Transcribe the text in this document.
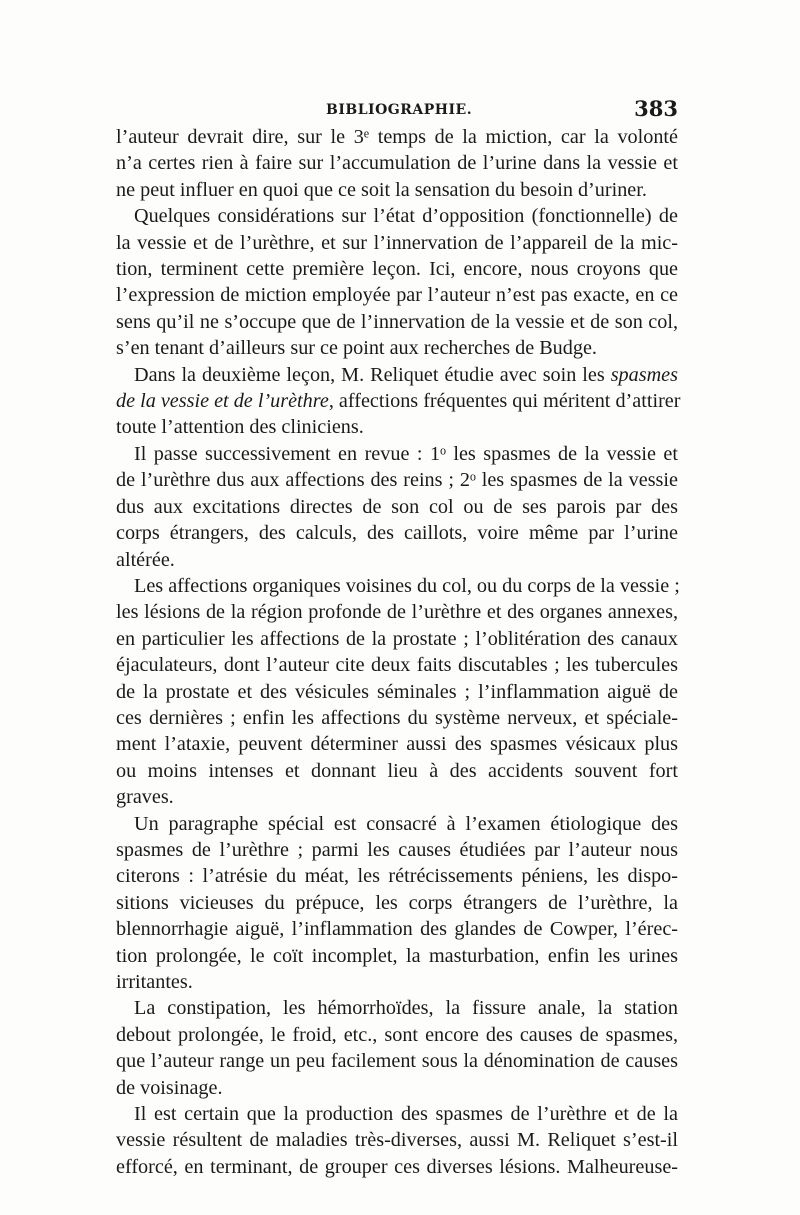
BIBLIOGRAPHIE.	383

l’auteur devrait dire, sur le 3ᵉ temps de la miction, car la volonté
n’a certes rien à faire sur l’accumulation de l’urine dans la vessie et
ne peut influer en quoi que ce soit la sensation du besoin d’uriner.

Quelques considérations sur l’état d’opposition (fonctionnelle) de
la vessie et de l’urèthre, et sur l’innervation de l’appareil de la mic-
tion, terminent cette première leçon. Ici, encore, nous croyons que
l’expression de miction employée par l’auteur n’est pas exacte, en ce
sens qu’il ne s’occupe que de l’innervation de la vessie et de son col,
s’en tenant d’ailleurs sur ce point aux recherches de Budge.

Dans la deuxième leçon, M. Reliquet étudie avec soin les spasmes
de la vessie et de l’urèthre, affections fréquentes qui méritent d’attirer
toute l’attention des cliniciens.

Il passe successivement en revue : 1ᵒ les spasmes de la vessie et
de l’urèthre dus aux affections des reins ; 2ᵒ les spasmes de la vessie
dus aux excitations directes de son col ou de ses parois par des
corps étrangers, des calculs, des caillots, voire même par l’urine
altérée.

Les affections organiques voisines du col, ou du corps de la vessie ;
les lésions de la région profonde de l’urèthre et des organes annexes,
en particulier les affections de la prostate ; l’oblitération des canaux
éjaculateurs, dont l’auteur cite deux faits discutables ; les tubercules
de la prostate et des vésicules séminales ; l’inflammation aiguë de
ces dernières ; enfin les affections du système nerveux, et spéciale-
ment l’ataxie, peuvent déterminer aussi des spasmes vésicaux plus
ou moins intenses et donnant lieu à des accidents souvent fort
graves.

Un paragraphe spécial est consacré à l’examen étiologique des
spasmes de l’urèthre ; parmi les causes étudiées par l’auteur nous
citerons : l’atrésie du méat, les rétrécissements péniens, les dispo-
sitions vicieuses du prépuce, les corps étrangers de l’urèthre, la
blennorrhagie aiguë, l’inflammation des glandes de Cowper, l’érec-
tion prolongée, le coït incomplet, la masturbation, enfin les urines
irritantes.

La constipation, les hémorrhoïdes, la fissure anale, la station
debout prolongée, le froid, etc., sont encore des causes de spasmes,
que l’auteur range un peu facilement sous la dénomination de causes
de voisinage.

Il est certain que la production des spasmes de l’urèthre et de la
vessie résultent de maladies très-diverses, aussi M. Reliquet s’est-il
efforcé, en terminant, de grouper ces diverses lésions. Malheureuse-
